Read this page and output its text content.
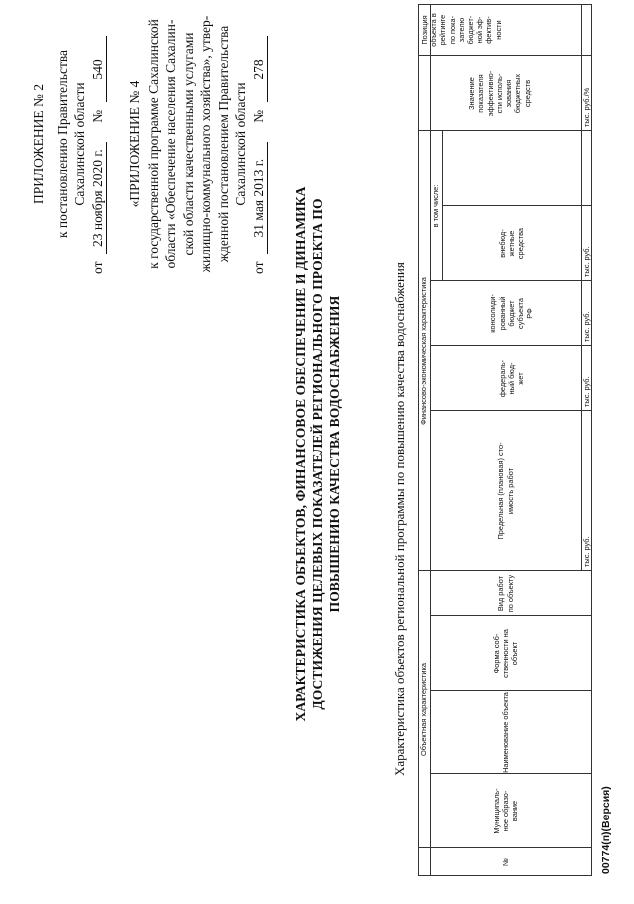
ПРИЛОЖЕНИЕ № 2 к постановлению Правительства Сахалинской области
от 23 ноября 2020 г. № 540
«ПРИЛОЖЕНИЕ № 4 к государственной программе Сахалинской области «Обеспечение населения Сахалин- ской области качественными услугами жилищно-коммунального хозяйства», утвер- жденной постановлением Правительства Сахалинской области
от 31 мая 2013 г. № 278
ХАРАКТЕРИСТИКА ОБЪЕКТОВ, ФИНАНСОВОЕ ОБЕСПЕЧЕНИЕ И ДИНАМИКА ДОСТИЖЕНИЯ ЦЕЛЕВЫХ ПОКАЗАТЕЛЕЙ РЕГИОНАЛЬНОГО ПРОЕКТА ПО ПОВЫШЕНИЮ КАЧЕСТВА ВОДОСНАБЖЕНИЯ	Характеристика объектов региональной программы по повышению качества водоснабжения Объектная характеристика
Финансово-экономическая характеристика
в том числе:
№
Муниципаль-
ное образо-
вание
Наименование объекта
Форма соб-
ственности на
объект
Вид работ
по объекту
Предельная (плановая) сто-
имость работ
федераль-
ный бюд-
жет
консолиди-
рованный
бюджет
субъекта
РФ
внебюд-
жетные
средства
Значение
показателя
эффективно-
сти исполь-
зования
бюджетных
средств
Позиция
объекта в
рейтинге
по пока-
зателю
бюджет-
ной эф-
фектив-
ности
тыс. руб.
тыс. руб.
тыс. руб.
тыс. руб.
тыс. руб./%
00774(п)(Версия)
